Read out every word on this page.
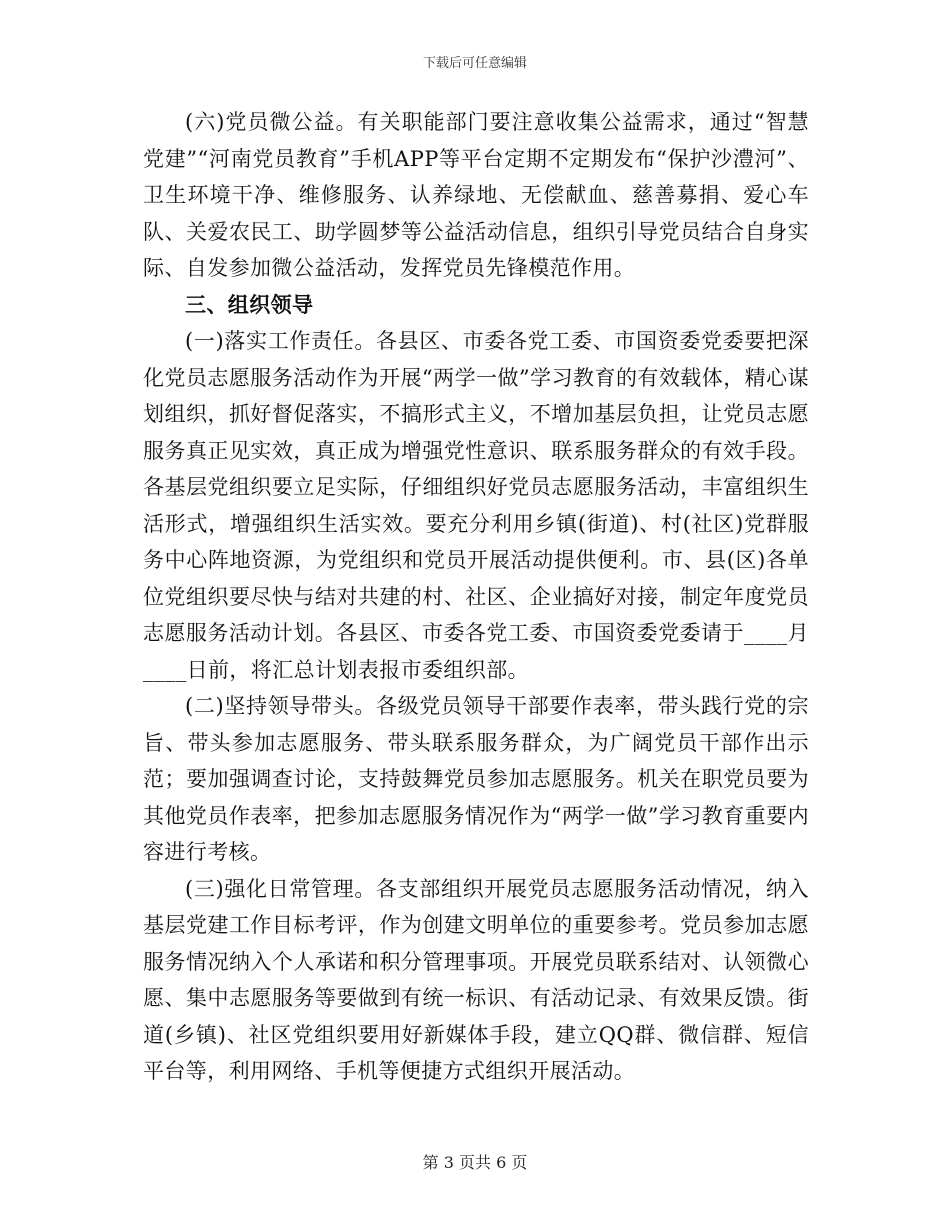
下载后可任意编辑

(六)党员微公益。有关职能部门要注意收集公益需求，通过“智慧党建”“河南党员教育”手机APP等平台定期不定期发布“保护沙澧河”、卫生环境干净、维修服务、认养绿地、无偿献血、慈善募捐、爱心车队、关爱农民工、助学圆梦等公益活动信息，组织引导党员结合自身实际、自发参加微公益活动，发挥党员先锋模范作用。

三、组织领导

(一)落实工作责任。各县区、市委各党工委、市国资委党委要把深化党员志愿服务活动作为开展“两学一做”学习教育的有效载体，精心谋划组织，抓好督促落实，不搞形式主义，不增加基层负担，让党员志愿服务真正见实效，真正成为增强党性意识、联系服务群众的有效手段。各基层党组织要立足实际，仔细组织好党员志愿服务活动，丰富组织生活形式，增强组织生活实效。要充分利用乡镇(街道)、村(社区)党群服务中心阵地资源，为党组织和党员开展活动提供便利。市、县(区)各单位党组织要尽快与结对共建的村、社区、企业搞好对接，制定年度党员志愿服务活动计划。各县区、市委各党工委、市国资委党委请于____月____日前，将汇总计划表报市委组织部。

(二)坚持领导带头。各级党员领导干部要作表率，带头践行党的宗旨、带头参加志愿服务、带头联系服务群众，为广阔党员干部作出示范；要加强调查讨论，支持鼓舞党员参加志愿服务。机关在职党员要为其他党员作表率，把参加志愿服务情况作为“两学一做”学习教育重要内容进行考核。

(三)强化日常管理。各支部组织开展党员志愿服务活动情况，纳入基层党建工作目标考评，作为创建文明单位的重要参考。党员参加志愿服务情况纳入个人承诺和积分管理事项。开展党员联系结对、认领微心愿、集中志愿服务等要做到有统一标识、有活动记录、有效果反馈。街道(乡镇)、社区党组织要用好新媒体手段，建立QQ群、微信群、短信平台等，利用网络、手机等便捷方式组织开展活动。

第 3 页共 6 页
